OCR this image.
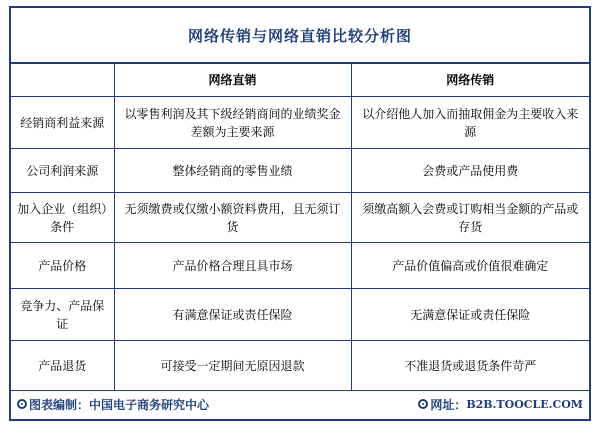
网络传销与网络直销比较分析图
	网络直销	网络传销
经销商利益来源	以零售利润及其下级经销商间的业绩奖金差额为主要来源	以介绍他人加入而抽取佣金为主要收入来源
公司利润来源	整体经销商的零售业绩	会费或产品使用费
加入企业（组织）条件	无须缴费或仅缴小额资料费用，且无须订货	须缴高额入会费或订购相当金额的产品或存货
产品价格	产品价格合理且具市场	产品价值偏高或价值很难确定
竞争力、产品保证	有满意保证或责任保险	无满意保证或责任保险
产品退货	可接受一定期间无原因退款	不准退货或退货条件苛严
图表编制：中国电子商务研究中心	网址： B2B.TOOCLE.COM
